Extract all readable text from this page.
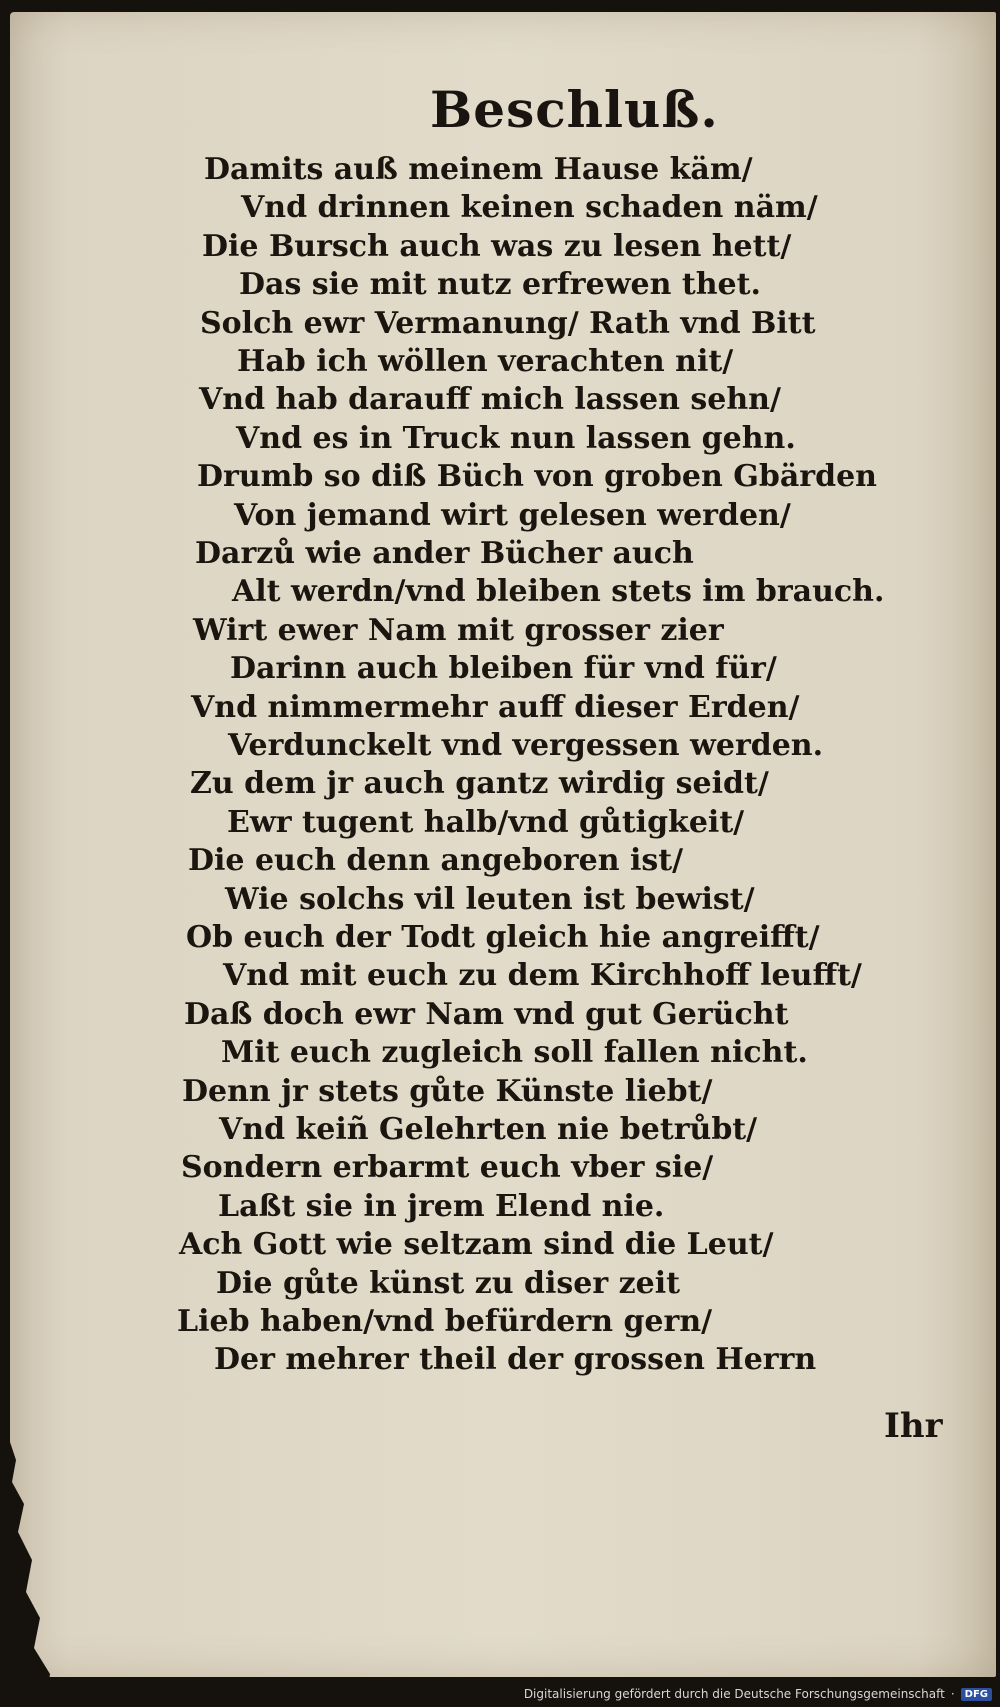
Beschluß.
Damits auß meinem Hause käm/
Vnd drinnen keinen schaden näm/
Die Bursch auch was zu lesen hett/
Das sie mit nutz erfrewen thet.
Solch ewr Vermanung/ Rath vnd Bitt
Hab ich wöllen verachten nit/
Vnd hab darauff mich lassen sehn/
Vnd es in Truck nun lassen gehn.
Drumb so diß Büch von groben Gbärden
Von jemand wirt gelesen werden/
Darzů wie ander Bücher auch
Alt werdn/vnd bleiben stets im brauch.
Wirt ewer Nam mit grosser zier
Darinn auch bleiben für vnd für/
Vnd nimmermehr auff dieser Erden/
Verdunckelt vnd vergessen werden.
Zu dem jr auch gantz wirdig seidt/
Ewr tugent halb/vnd gůtigkeit/
Die euch denn angeboren ist/
Wie solchs vil leuten ist bewist/
Ob euch der Todt gleich hie angreifft/
Vnd mit euch zu dem Kirchhoff leufft/
Daß doch ewr Nam vnd gut Gerücht
Mit euch zugleich soll fallen nicht.
Denn jr stets gůte Künste liebt/
Vnd keiñ Gelehrten nie betrůbt/
Sondern erbarmt euch vber sie/
Laßt sie in jrem Elend nie.
Ach Gott wie seltzam sind die Leut/
Die gůte künst zu diser zeit
Lieb haben/vnd befürdern gern/
Der mehrer theil der grossen Herrn
Ihr
Digitalisierung gefördert durch die Deutsche Forschungsgemeinschaft ·	DFG
